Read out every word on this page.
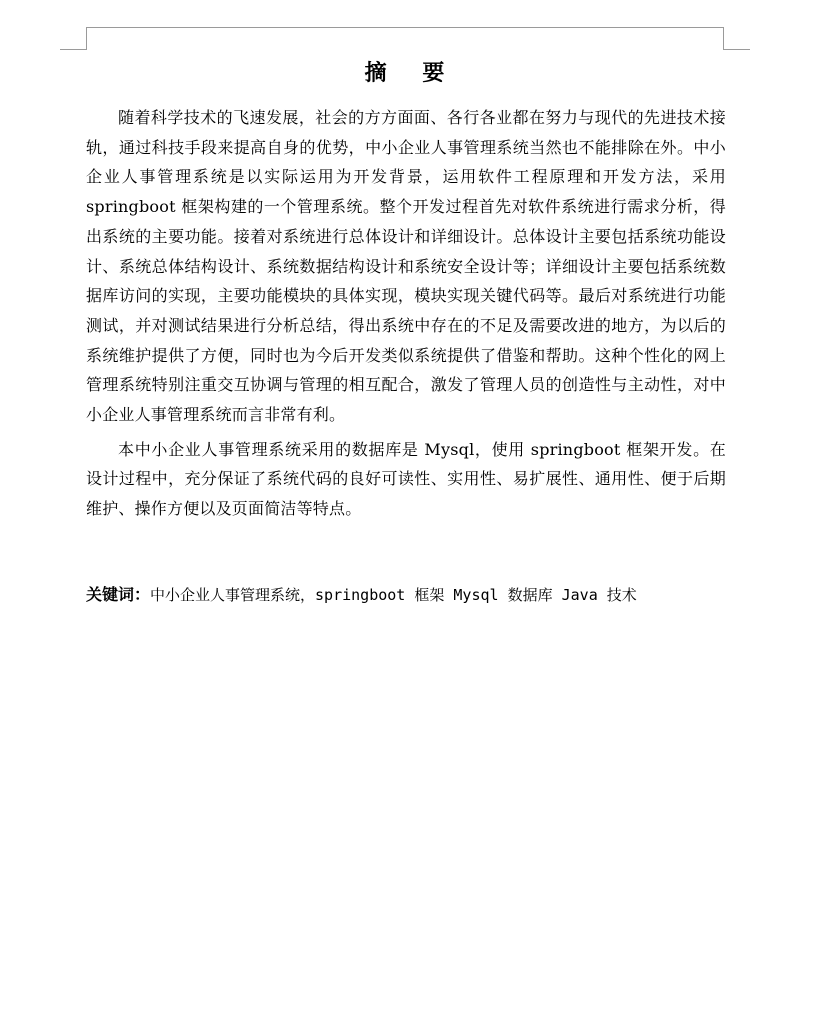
摘 要

随着科学技术的飞速发展，社会的方方面面、各行各业都在努力与现代的先进技术接轨，通过科技手段来提高自身的优势，中小企业人事管理系统当然也不能排除在外。中小企业人事管理系统是以实际运用为开发背景，运用软件工程原理和开发方法，采用 springboot 框架构建的一个管理系统。整个开发过程首先对软件系统进行需求分析，得出系统的主要功能。接着对系统进行总体设计和详细设计。总体设计主要包括系统功能设计、系统总体结构设计、系统数据结构设计和系统安全设计等；详细设计主要包括系统数据库访问的实现，主要功能模块的具体实现，模块实现关键代码等。最后对系统进行功能测试，并对测试结果进行分析总结，得出系统中存在的不足及需要改进的地方，为以后的系统维护提供了方便，同时也为今后开发类似系统提供了借鉴和帮助。这种个性化的网上管理系统特别注重交互协调与管理的相互配合，激发了管理人员的创造性与主动性，对中小企业人事管理系统而言非常有利。

本中小企业人事管理系统采用的数据库是 Mysql，使用 springboot 框架开发。在设计过程中，充分保证了系统代码的良好可读性、实用性、易扩展性、通用性、便于后期维护、操作方便以及页面简洁等特点。

关键词：中小企业人事管理系统，springboot 框架 Mysql 数据库 Java 技术
